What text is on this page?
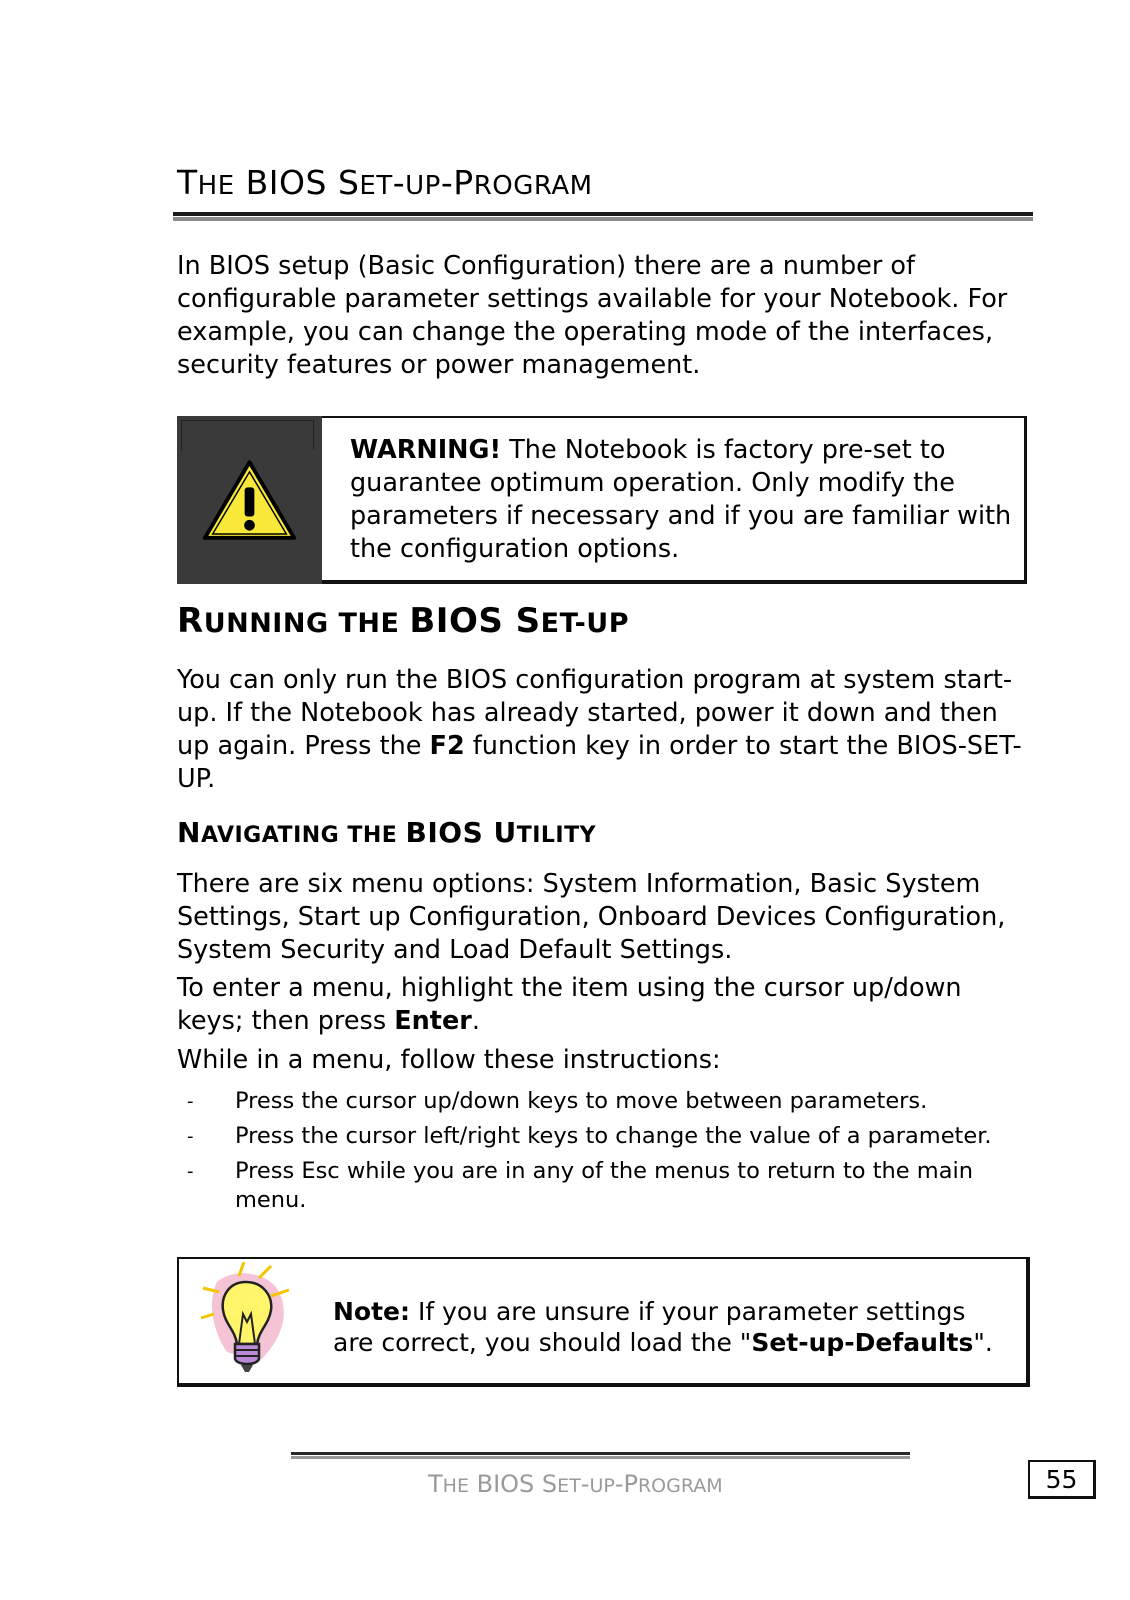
THE BIOS SET-UP-PROGRAM

In BIOS setup (Basic Configuration) there are a number of configurable parameter settings available for your Notebook. For example, you can change the operating mode of the interfaces, security features or power management.

WARNING! The Notebook is factory pre-set to guarantee optimum operation. Only modify the parameters if necessary and if you are familiar with the configuration options.

RUNNING THE BIOS SET-UP

You can only run the BIOS configuration program at system start-up. If the Notebook has already started, power it down and then up again. Press the F2 function key in order to start the BIOS-SET-UP.

NAVIGATING THE BIOS UTILITY

There are six menu options: System Information, Basic System Settings, Start up Configuration, Onboard Devices Configuration, System Security and Load Default Settings.

To enter a menu, highlight the item using the cursor up/down keys; then press Enter.

While in a menu, follow these instructions:

- Press the cursor up/down keys to move between parameters.
- Press the cursor left/right keys to change the value of a parameter.
- Press Esc while you are in any of the menus to return to the main menu.

Note: If you are unsure if your parameter settings are correct, you should load the "Set-up-Defaults".

THE BIOS SET-UP-PROGRAM	55
